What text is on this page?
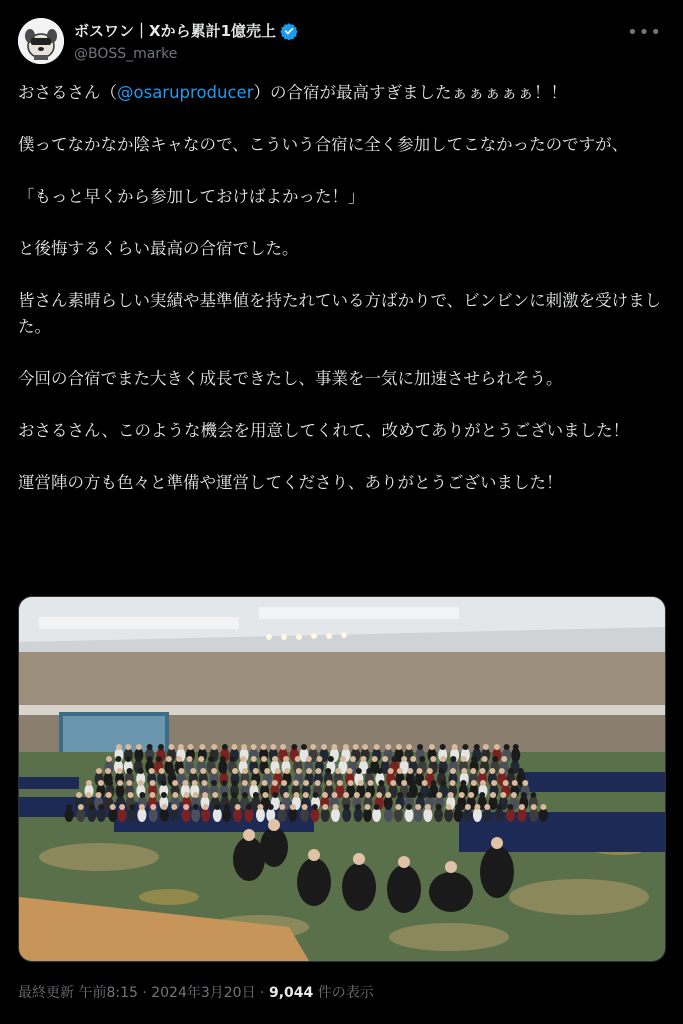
ボスワン｜Xから累計1億売上
@BOSS_marke
•••

おさるさん（@osaruproducer）の合宿が最高すぎましたぁぁぁぁぁ！！

僕ってなかなか陰キャなので、こういう合宿に全く参加してこなかったのですが、

「もっと早くから参加しておけばよかった！」

と後悔するくらい最高の合宿でした。

皆さん素晴らしい実績や基準値を持たれている方ばかりで、ビンビンに刺激を受けました。

今回の合宿でまた大きく成長できたし、事業を一気に加速させられそう。

おさるさん、このような機会を用意してくれて、改めてありがとうございました！

運営陣の方も色々と準備や運営してくださり、ありがとうございました！

最終更新 午前8:15 · 2024年3月20日 · 9,044 件の表示
